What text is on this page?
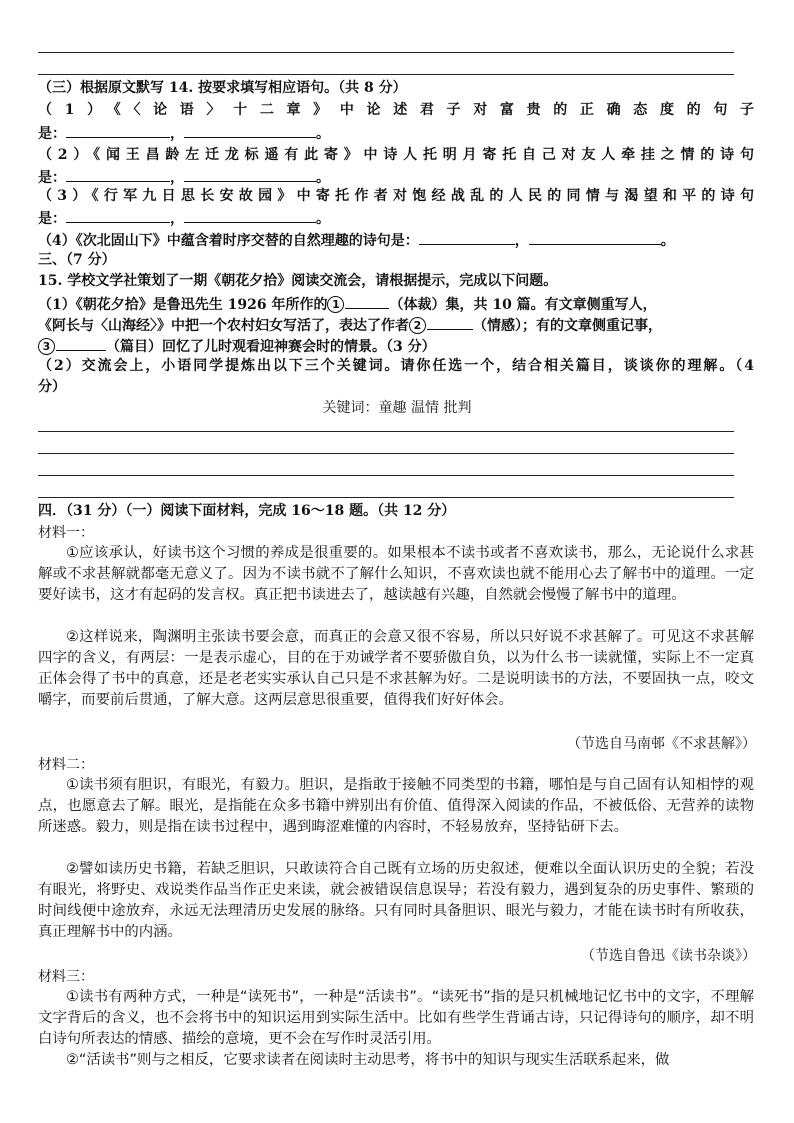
（三）根据原文默写 14. 按要求填写相应语句。（共 8 分）
（1）《〈论语〉十二章》中论述君子对富贵的正确态度的句子
是：	，	。
（2）《闻王昌龄左迁龙标遥有此寄》中诗人托明月寄托自己对友人牵挂之情的诗句
是：	，	。
（3）《行军九日思长安故园》中寄托作者对饱经战乱的人民的同情与渴望和平的诗句
是：	，	。
（4）《次北固山下》中蕴含着时序交替的自然理趣的诗句是：	，	。
三、（7 分）
15. 学校文学社策划了一期《朝花夕拾》阅读交流会，请根据提示，完成以下问题。
（1）《朝花夕拾》是鲁迅先生 1926 年所作的 1	（体裁）集，共 10 篇。有文章侧重写人，
《阿长与〈山海经〉》中把一个农村妇女写活了，表达了作者 2	（情感）；有的文章侧重记事，
3	（篇目）回忆了儿时观看迎神赛会时的情景。（3 分）
（2）交流会上，小语同学提炼出以下三个关键词。请你任选一个，结合相关篇目，谈谈你的理解。（4
分）
关键词：童趣 温情 批判
四．（31 分）（一）阅读下面材料，完成 16～18 题。（共 12 分）
材料一：
①应该承认，好读书这个习惯的养成是很重要的。如果根本不读书或者不喜欢读书，那么，无论说什么求甚解或不求甚解就都毫无意义了。因为不读书就不了解什么知识，不喜欢读也就不能用心去了解书中的道理。一定要好读书，这才有起码的发言权。真正把书读进去了，越读越有兴趣，自然就会慢慢了解书中的道理。
②这样说来，陶渊明主张读书要会意，而真正的会意又很不容易，所以只好说不求甚解了。可见这不求甚解四字的含义，有两层：一是表示虚心，目的在于劝诫学者不要骄傲自负，以为什么书一读就懂，实际上不一定真正体会得了书中的真意，还是老老实实承认自己只是不求甚解为好。二是说明读书的方法，不要固执一点，咬文嚼字，而要前后贯通，了解大意。这两层意思很重要，值得我们好好体会。
（节选自马南邨《不求甚解》）
材料二：
①读书须有胆识，有眼光，有毅力。胆识，是指敢于接触不同类型的书籍，哪怕是与自己固有认知相悖的观点，也愿意去了解。眼光，是指能在众多书籍中辨别出有价值、值得深入阅读的作品，不被低俗、无营养的读物所迷惑。毅力，则是指在读书过程中，遇到晦涩难懂的内容时，不轻易放弃，坚持钻研下去。
②譬如读历史书籍，若缺乏胆识，只敢读符合自己既有立场的历史叙述，便难以全面认识历史的全貌；若没有眼光，将野史、戏说类作品当作正史来读，就会被错误信息误导；若没有毅力，遇到复杂的历史事件、繁琐的时间线便中途放弃，永远无法理清历史发展的脉络。只有同时具备胆识、眼光与毅力，才能在读书时有所收获，真正理解书中的内涵。
（节选自鲁迅《读书杂谈》）
材料三：
①读书有两种方式，一种是“读死书”，一种是“活读书”。“读死书”指的是只机械地记忆书中的文字，不理解文字背后的含义，也不会将书中的知识运用到实际生活中。比如有些学生背诵古诗，只记得诗句的顺序，却不明白诗句所表达的情感、描绘的意境，更不会在写作时灵活引用。
②“活读书”则与之相反，它要求读者在阅读时主动思考，将书中的知识与现实生活联系起来，做
